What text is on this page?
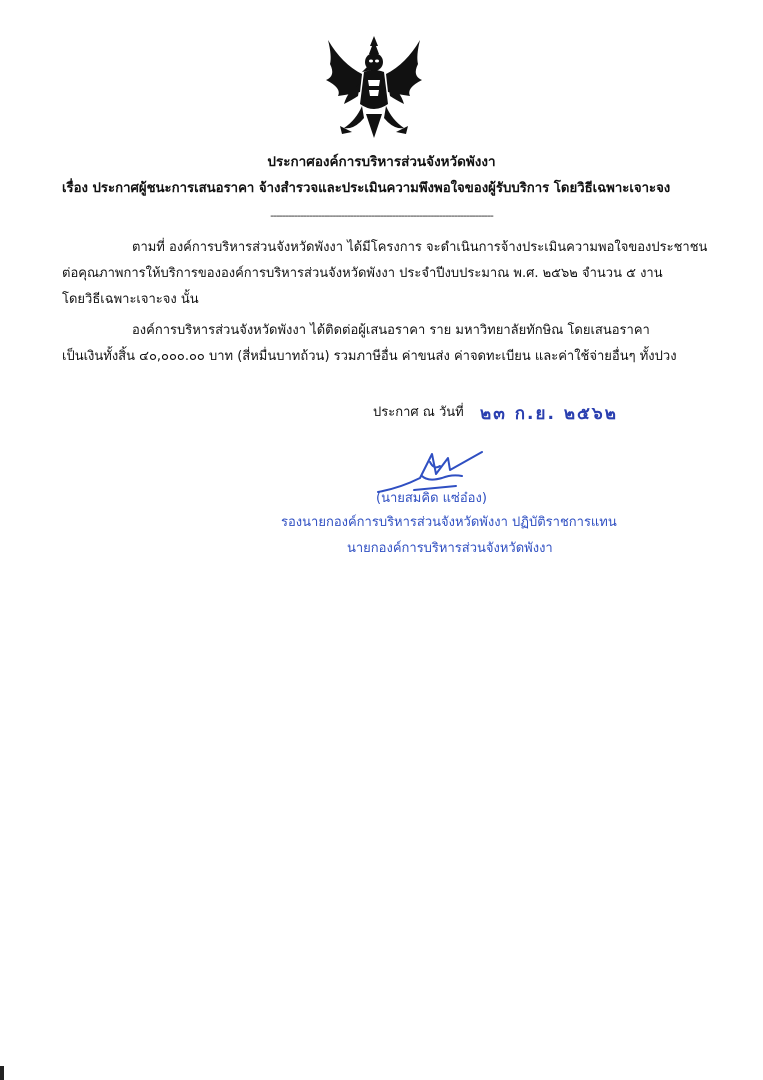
ประกาศองค์การบริหารส่วนจังหวัดพังงา
เรื่อง ประกาศผู้ชนะการเสนอราคา จ้างสำรวจและประเมินความพึงพอใจของผู้รับบริการ โดยวิธีเฉพาะเจาะจง
---------------------------------------------------------------------------
ตามที่ องค์การบริหารส่วนจังหวัดพังงา ได้มีโครงการ จะดำเนินการจ้างประเมินความพอใจของประชาชน
ต่อคุณภาพการให้บริการขององค์การบริหารส่วนจังหวัดพังงา ประจำปีงบประมาณ พ.ศ. ๒๕๖๒ จำนวน ๕ งาน
โดยวิธีเฉพาะเจาะจง นั้น
องค์การบริหารส่วนจังหวัดพังงา ได้ติดต่อผู้เสนอราคา ราย มหาวิทยาลัยทักษิณ โดยเสนอราคา
เป็นเงินทั้งสิ้น ๔๐,๐๐๐.๐๐ บาท (สี่หมื่นบาทถ้วน) รวมภาษีอื่น ค่าขนส่ง ค่าจดทะเบียน และค่าใช้จ่ายอื่นๆ ทั้งปวง
ประกาศ ณ วันที่ ๒๓ ก.ย. ๒๕๖๒
(นายสมคิด แซ่อ๋อง)
รองนายกองค์การบริหารส่วนจังหวัดพังงา ปฏิบัติราชการแทน
นายกองค์การบริหารส่วนจังหวัดพังงา
